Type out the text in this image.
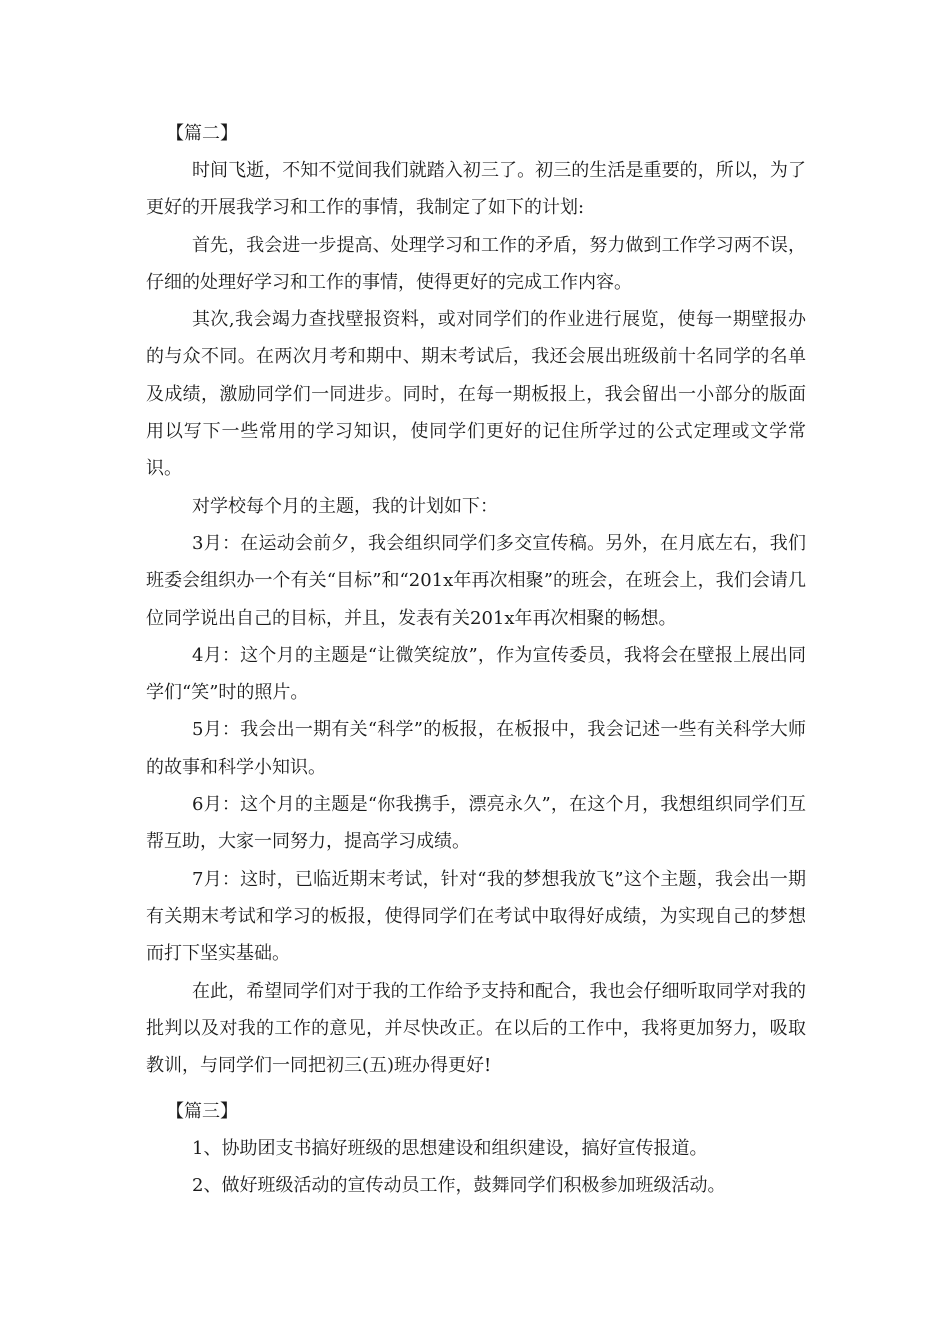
【篇二】

时间飞逝，不知不觉间我们就踏入初三了。初三的生活是重要的，所以，为了更好的开展我学习和工作的事情，我制定了如下的计划:

首先，我会进一步提高、处理学习和工作的矛盾，努力做到工作学习两不误，仔细的处理好学习和工作的事情，使得更好的完成工作内容。

其次,我会竭力查找壁报资料，或对同学们的作业进行展览，使每一期壁报办的与众不同。在两次月考和期中、期末考试后，我还会展出班级前十名同学的名单及成绩，激励同学们一同进步。同时，在每一期板报上，我会留出一小部分的版面用以写下一些常用的学习知识，使同学们更好的记住所学过的公式定理或文学常识。

对学校每个月的主题，我的计划如下：

3月：在运动会前夕，我会组织同学们多交宣传稿。另外，在月底左右，我们班委会组织办一个有关“目标”和“201x年再次相聚”的班会，在班会上，我们会请几位同学说出自己的目标，并且，发表有关201x年再次相聚的畅想。

4月：这个月的主题是“让微笑绽放”，作为宣传委员，我将会在壁报上展出同学们“笑”时的照片。

5月：我会出一期有关“科学”的板报，在板报中，我会记述一些有关科学大师的故事和科学小知识。

6月：这个月的主题是“你我携手，漂亮永久”，在这个月，我想组织同学们互帮互助，大家一同努力，提高学习成绩。

7月：这时，已临近期末考试，针对“我的梦想我放飞”这个主题，我会出一期有关期末考试和学习的板报，使得同学们在考试中取得好成绩，为实现自己的梦想而打下坚实基础。

在此，希望同学们对于我的工作给予支持和配合，我也会仔细听取同学对我的批判以及对我的工作的意见，并尽快改正。在以后的工作中，我将更加努力，吸取教训，与同学们一同把初三(五)班办得更好!

【篇三】

1、协助团支书搞好班级的思想建设和组织建设，搞好宣传报道。

2、做好班级活动的宣传动员工作，鼓舞同学们积极参加班级活动。
